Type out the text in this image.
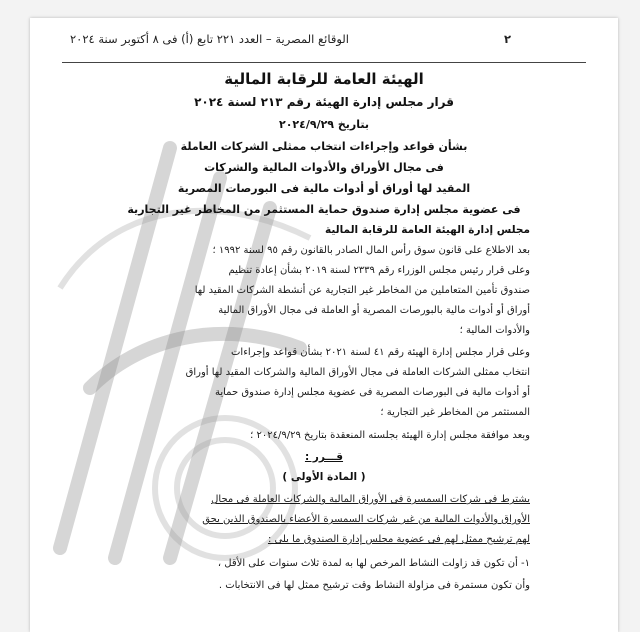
الوقائع المصرية – العدد ٢٢١ تابع (أ) فى ٨ أكتوبر سنة ٢٠٢٤	٢
الهيئة العامة للرقابة المالية
قرار مجلس إدارة الهيئة رقم ٢١٣ لسنة ٢٠٢٤
بتاريخ ٢٠٢٤/٩/٢٩
بشأن قواعد وإجراءات انتخاب ممثلى الشركات العاملة
فى مجال الأوراق والأدوات المالية والشركات
المقيد لها أوراق أو أدوات مالية فى البورصات المصرية
فى عضوية مجلس إدارة صندوق حماية المستثمر من المخاطر غير التجارية
مجلس إدارة الهيئة العامة للرقابة المالية
بعد الاطلاع على قانون سوق رأس المال الصادر بالقانون رقم ٩٥ لسنة ١٩٩٢ ؛
وعلى قرار رئيس مجلس الوزراء رقم ٢٣٣٩ لسنة ٢٠١٩ بشأن إعادة تنظيم
صندوق تأمين المتعاملين من المخاطر غير التجارية عن أنشطة الشركات المقيد لها
أوراق أو أدوات مالية بالبورصات المصرية أو العاملة فى مجال الأوراق المالية
والأدوات المالية ؛
وعلى قرار مجلس إدارة الهيئة رقم ٤١ لسنة ٢٠٢١ بشأن قواعد وإجراءات
انتخاب ممثلى الشركات العاملة فى مجال الأوراق المالية والشركات المقيد لها أوراق
أو أدوات مالية فى البورصات المصرية فى عضوية مجلس إدارة صندوق حماية
المستثمر من المخاطر غير التجارية ؛
وبعد موافقة مجلس إدارة الهيئة بجلسته المنعقدة بتاريخ ٢٠٢٤/٩/٢٩ ؛
قـــرر :
( المادة الأولى )
يشترط فى شركات السمسرة فى الأوراق المالية والشركات العاملة فى مجال
الأوراق والأدوات المالية من غير شركات السمسرة الأعضاء بالصندوق الذين يحق
لهم ترشيح ممثل لهم فى عضوية مجلس إدارة الصندوق ما يلى :
١- أن تكون قد زاولت النشاط المرخص لها به لمدة ثلاث سنوات على الأقل ،
وأن تكون مستمرة فى مزاولة النشاط وقت ترشيح ممثل لها فى الانتخابات .
